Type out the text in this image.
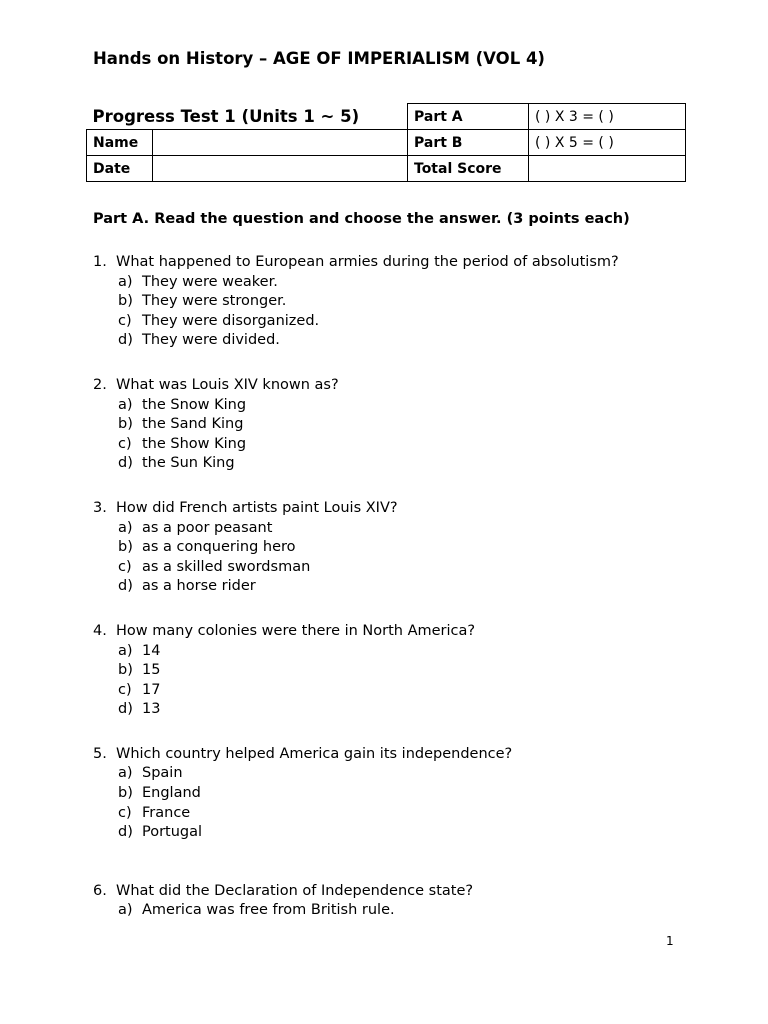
Hands on History – AGE OF IMPERIALISM (VOL 4)
Progress Test 1 (Units 1 ~ 5)		Part A	( ) X 3 = ( )
Name		Part B	( ) X 5 = ( )
Date		Total Score	
Part A. Read the question and choose the answer. (3 points each)
1. What happened to European armies during the period of absolutism?
a) They were weaker.
b) They were stronger.
c) They were disorganized.
d) They were divided.
2. What was Louis XIV known as?
a) the Snow King
b) the Sand King
c) the Show King
d) the Sun King
3. How did French artists paint Louis XIV?
a) as a poor peasant
b) as a conquering hero
c) as a skilled swordsman
d) as a horse rider
4. How many colonies were there in North America?
a) 14
b) 15
c) 17
d) 13
5. Which country helped America gain its independence?
a) Spain
b) England
c) France
d) Portugal
6. What did the Declaration of Independence state?
a) America was free from British rule.
1
